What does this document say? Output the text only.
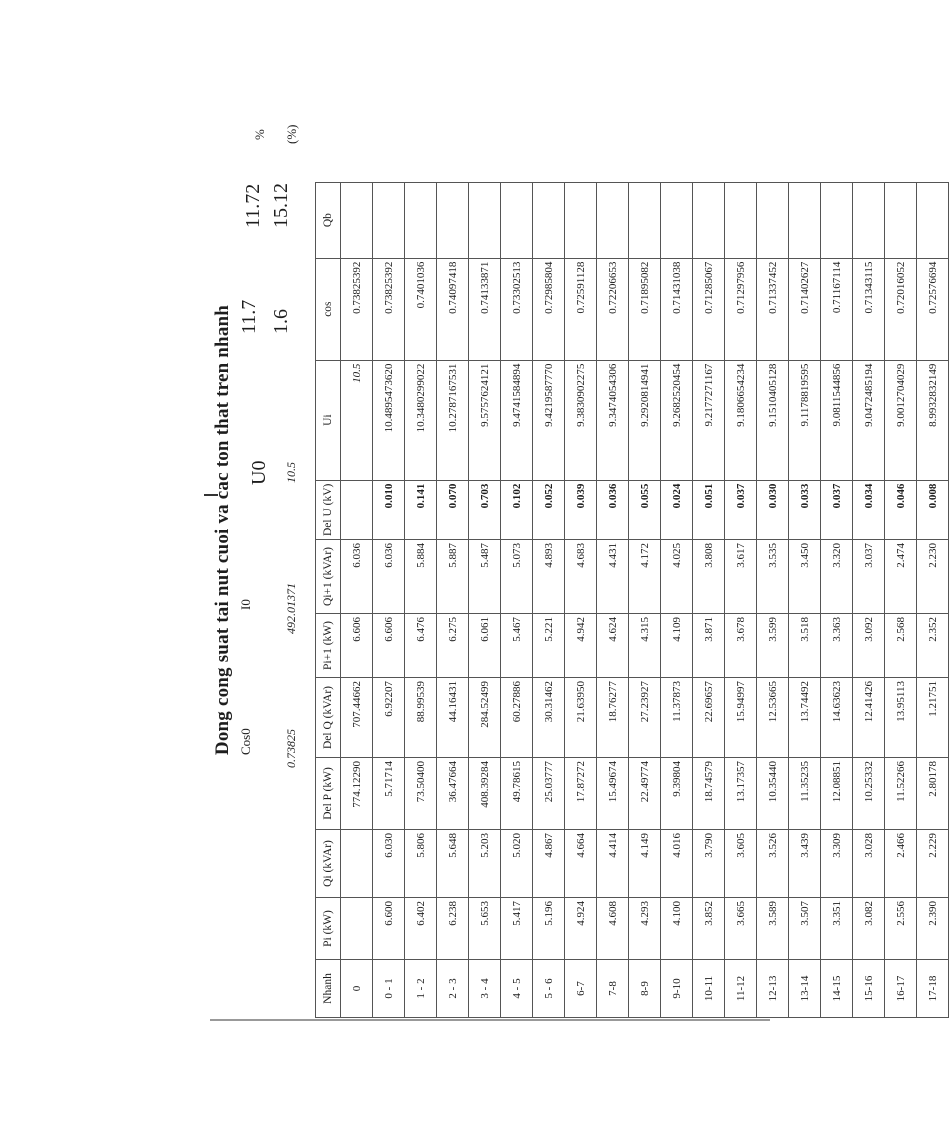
Dong cong suat tai nut cuoi va cac ton that tren nhanh Cos0	0.73825
I0	492.01371
U0 10.5
11.7 1.6
11.72 15.12
% (%)
Nhanh	Pi (kW)	Qi (kVAr)	Del P (kW)	Del Q (kVAr)	Pi+1 (kW)	Qi+1 (kVAr)	Del U (kV)	Ui	cos	Qb
0			774.12290	707.44662	6.606	6.036		10.5	0.73825392	
0 - 1	6.600	6.030	5.71714	6.92207	6.606	6.036	0.010	10.4895473620	0.73825392	
1 - 2	6.402	5.806	73.50400	88.99539	6.476	5.884	0.141	10.3480299022	0.7401036	
2 - 3	6.238	5.648	36.47664	44.16431	6.275	5.887	0.070	10.2787167531	0.74097418	
3 - 4	5.653	5.203	408.39284	284.52499	6.061	5.487	0.703	9.5757624121	0.74133871	
4 - 5	5.417	5.020	49.78615	60.27886	5.467	5.073	0.102	9.4741584894	0.73302513	
5 - 6	5.196	4.867	25.03777	30.31462	5.221	4.893	0.052	9.4219587770	0.72985804	
6-7	4.924	4.664	17.87272	21.63950	4.942	4.683	0.039	9.3830902275	0.72591128	
7-8	4.608	4.414	15.49674	18.76277	4.624	4.431	0.036	9.3474054306	0.72206653	
8-9	4.293	4.149	22.49774	27.23927	4.315	4.172	0.055	9.2920814941	0.71895082	
9-10	4.100	4.016	9.39804	11.37873	4.109	4.025	0.024	9.2682520454	0.71431038	
10-11	3.852	3.790	18.74579	22.69657	3.871	3.808	0.051	9.2177271167	0.71285067	
11-12	3.665	3.605	13.17357	15.94997	3.678	3.617	0.037	9.1806654234	0.71297956	
12-13	3.589	3.526	10.35440	12.53665	3.599	3.535	0.030	9.1510405128	0.71337452	
13-14	3.507	3.439	11.35235	13.74492	3.518	3.450	0.033	9.1178819595	0.71402627	
14-15	3.351	3.309	12.08851	14.63623	3.363	3.320	0.037	9.0811544856	0.71167114	
15-16	3.082	3.028	10.25332	12.41426	3.092	3.037	0.034	9.0472485194	0.71343115	
16-17	2.556	2.466	11.52266	13.95113	2.568	2.474	0.046	9.0012704029	0.72016052	
17-18	2.390	2.229	2.80178	1.21751	2.352	2.230	0.008	8.9932832149	0.72576694	
